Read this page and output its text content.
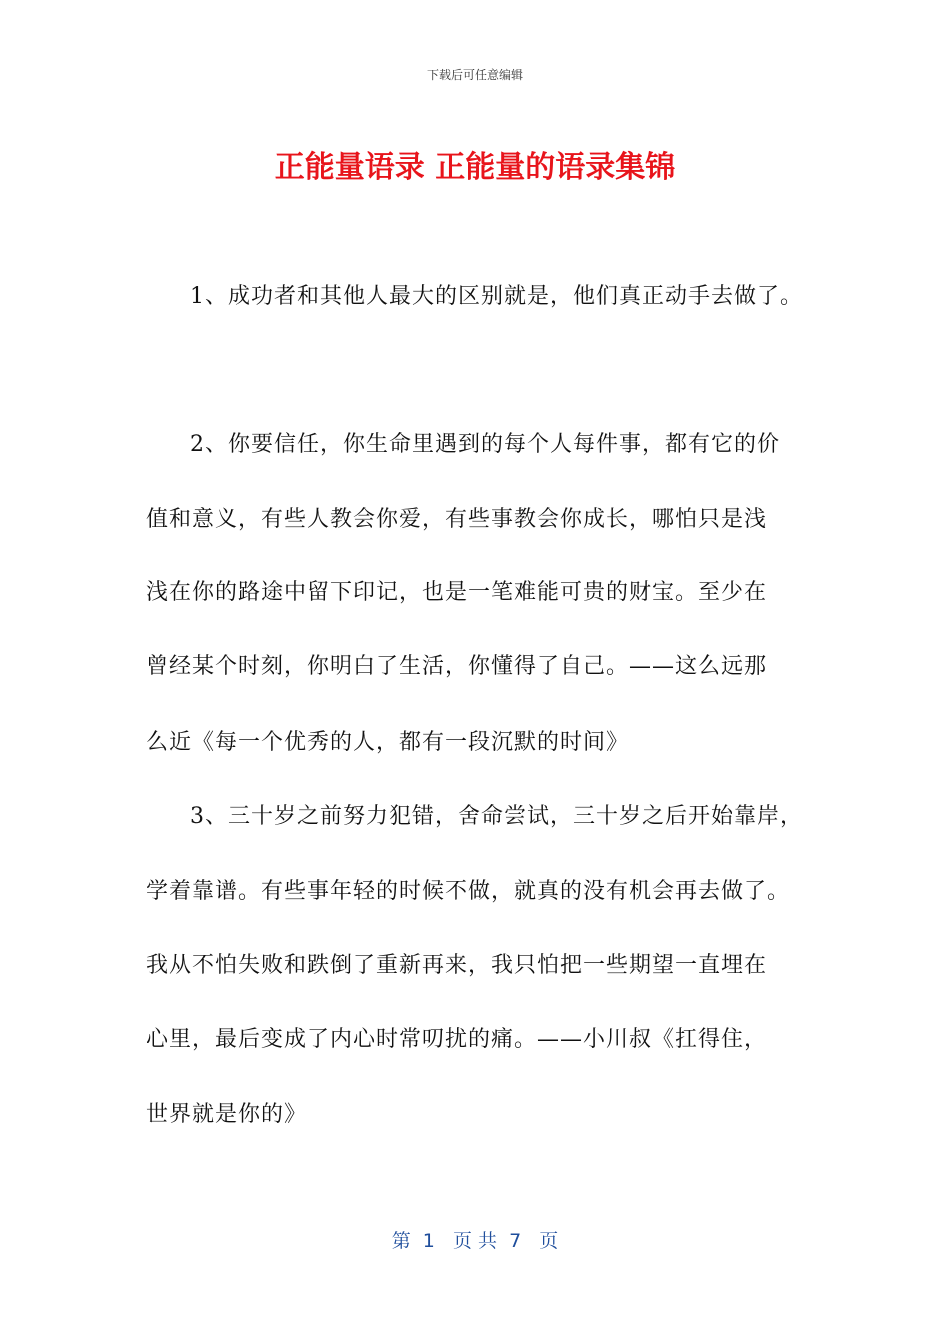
下载后可任意编辑
正能量语录 正能量的语录集锦
1、成功者和其他人最大的区别就是，他们真正动手去做了。
2、你要信任，你生命里遇到的每个人每件事，都有它的价
值和意义，有些人教会你爱，有些事教会你成长，哪怕只是浅
浅在你的路途中留下印记，也是一笔难能可贵的财宝。至少在
曾经某个时刻，你明白了生活，你懂得了自己。——这么远那
么近《每一个优秀的人，都有一段沉默的时间》
3、三十岁之前努力犯错，舍命尝试，三十岁之后开始靠岸，
学着靠谱。有些事年轻的时候不做，就真的没有机会再去做了。
我从不怕失败和跌倒了重新再来，我只怕把一些期望一直埋在
心里，最后变成了内心时常叨扰的痛。——小川叔《扛得住，
世界就是你的》
第  1   页 共  7   页
